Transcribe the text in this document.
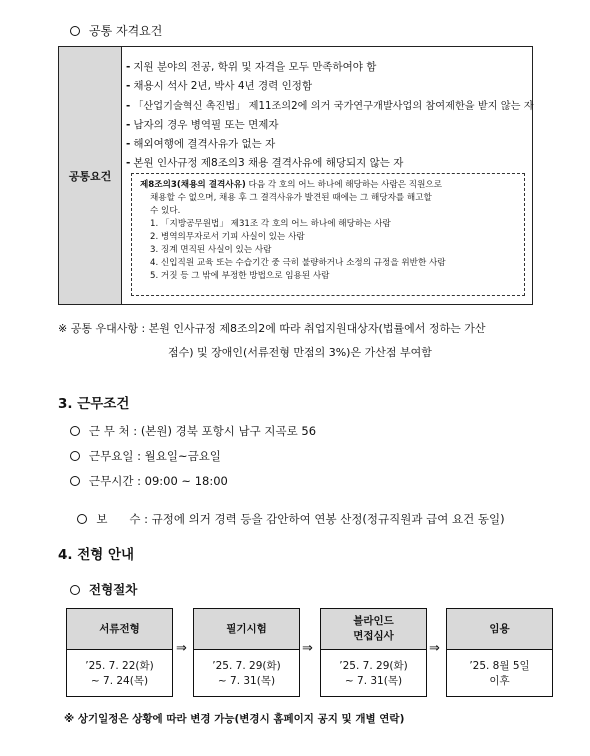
공통 자격요건
공통요건
- 지원 분야의 전공, 학위 및 자격을 모두 만족하여야 함
- 채용시 석사 2년, 박사 4년 경력 인정함
- 「산업기술혁신 촉진법」 제11조의2에 의거 국가연구개발사업의 참여제한을 받지 않는 자
- 남자의 경우 병역필 또는 면제자
- 해외여행에 결격사유가 없는 자
- 본원 인사규정 제8조의3 채용 결격사유에 해당되지 않는 자
제8조의3(채용의 결격사유) 다음 각 호의 어느 하나에 해당하는 사람은 직원으로
채용할 수 없으며, 채용 후 그 결격사유가 발견된 때에는 그 해당자를 해고할
수 있다.
1. 「지방공무원법」 제31조 각 호의 어느 하나에 해당하는 사람
2. 병역의무자로서 기피 사실이 있는 사람
3. 징계 면직된 사실이 있는 사람
4. 신입직원 교육 또는 수습기간 중 극히 불량하거나 소정의 규정을 위반한 사람
5. 거짓 등 그 밖에 부정한 방법으로 임용된 사람
※ 공통 우대사항 : 본원 인사규정 제8조의2에 따라 취업지원대상자(법률에서 정하는 가산
점수) 및 장애인(서류전형 만점의 3%)은 가산점 부여함
3. 근무조건
근 무 처 : (본원) 경북 포항시 남구 지곡로 56
근무요일 : 월요일~금요일
근무시간 : 09:00 ~ 18:00

보      수 : 규정에 의거 경력 등을 감안하여 연봉 산정(정규직원과 급여 요건 동일)

4. 전형 안내
전형절차
서류전형
’25. 7. 22(화)
~ 7. 24(목)
⇒
필기시험
’25. 7. 29(화)
~ 7. 31(목)
⇒
블라인드
면접심사
’25. 7. 29(화)
~ 7. 31(목)
⇒
임용
’25. 8월 5일
이후
※ 상기일정은 상황에 따라 변경 가능(변경시 홈페이지 공지 및 개별 연락)
